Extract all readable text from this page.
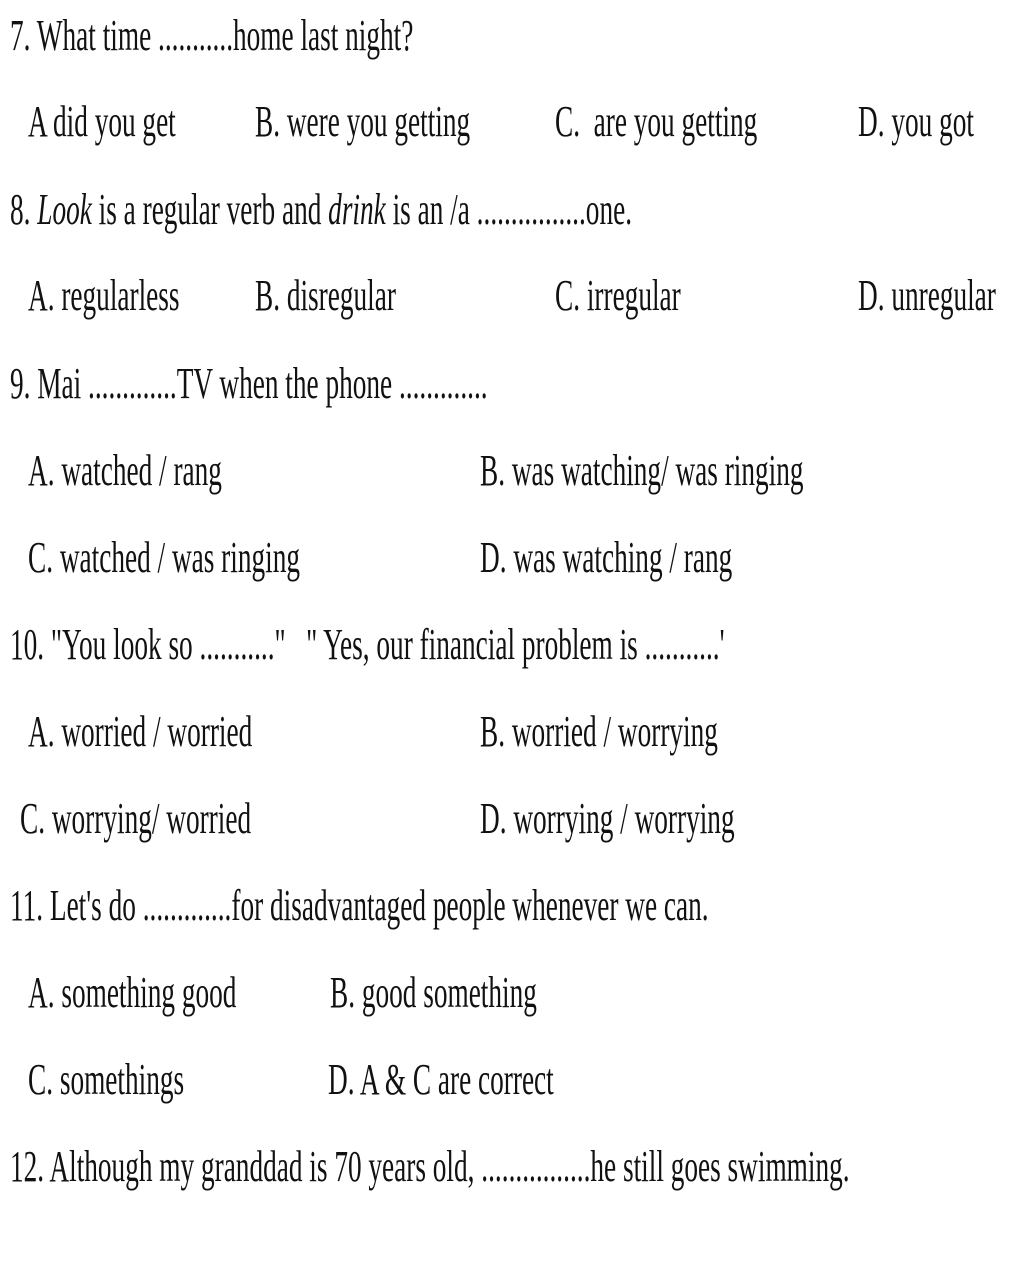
7. What time ...........home last night?
A did you get	B. were you getting	C.  are you getting	D. you got
8. Look is a regular verb and drink is an /a ................one.
A. regularless	B. disregular	C. irregular	D. unregular
9. Mai .............TV when the phone .............
A. watched / rang	B. was watching/ was ringing
C. watched / was ringing	D. was watching / rang
10. "You look so ..........."   " Yes, our financial problem is ...........'
A. worried / worried	B. worried / worrying
C. worrying/ worried	D. worrying / worrying
11. Let's do .............for disadvantaged people whenever we can.
A. something good	B. good something
C. somethings	D. A & C are correct
12. Although my granddad is 70 years old, ................he still goes swimming.
